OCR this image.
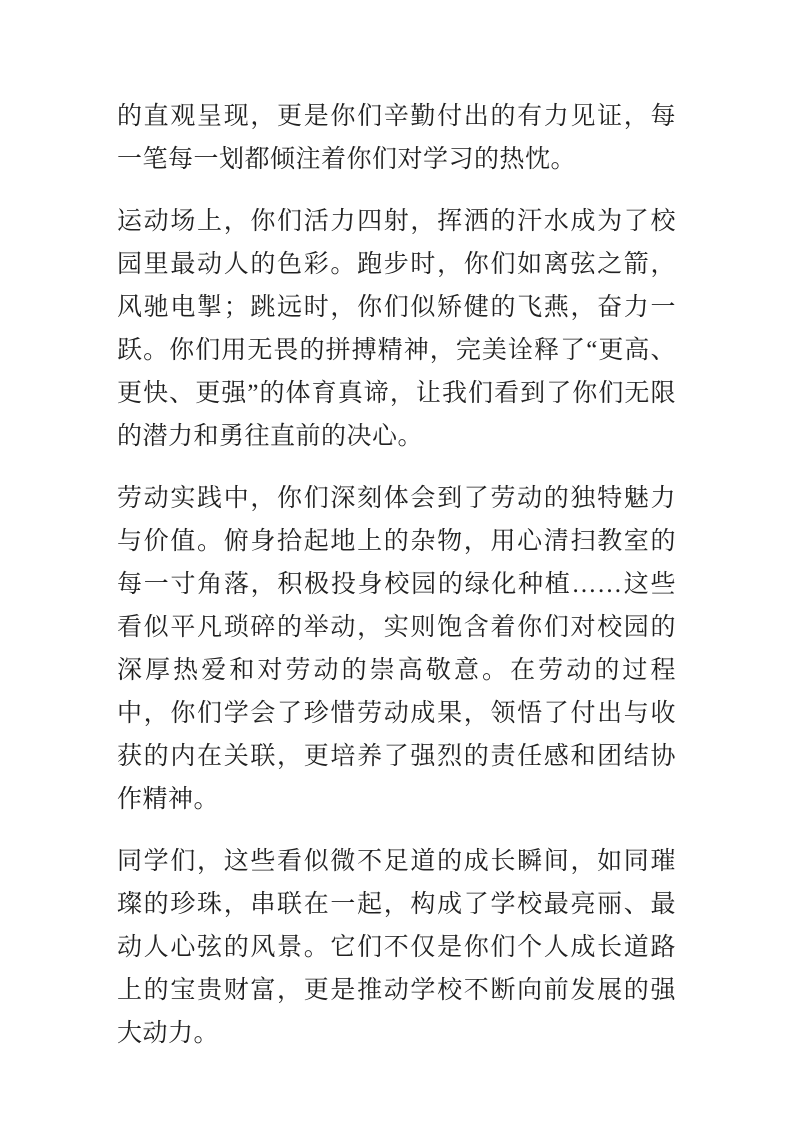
的直观呈现，更是你们辛勤付出的有力见证，每一笔每一划都倾注着你们对学习的热忱。

运动场上，你们活力四射，挥洒的汗水成为了校园里最动人的色彩。跑步时，你们如离弦之箭，风驰电掣；跳远时，你们似矫健的飞燕，奋力一跃。你们用无畏的拼搏精神，完美诠释了“更高、更快、更强”的体育真谛，让我们看到了你们无限的潜力和勇往直前的决心。

劳动实践中，你们深刻体会到了劳动的独特魅力与价值。俯身拾起地上的杂物，用心清扫教室的每一寸角落，积极投身校园的绿化种植……这些看似平凡琐碎的举动，实则饱含着你们对校园的深厚热爱和对劳动的崇高敬意。在劳动的过程中，你们学会了珍惜劳动成果，领悟了付出与收获的内在关联，更培养了强烈的责任感和团结协作精神。

同学们，这些看似微不足道的成长瞬间，如同璀璨的珍珠，串联在一起，构成了学校最亮丽、最动人心弦的风景。它们不仅是你们个人成长道路上的宝贵财富，更是推动学校不断向前发展的强大动力。
